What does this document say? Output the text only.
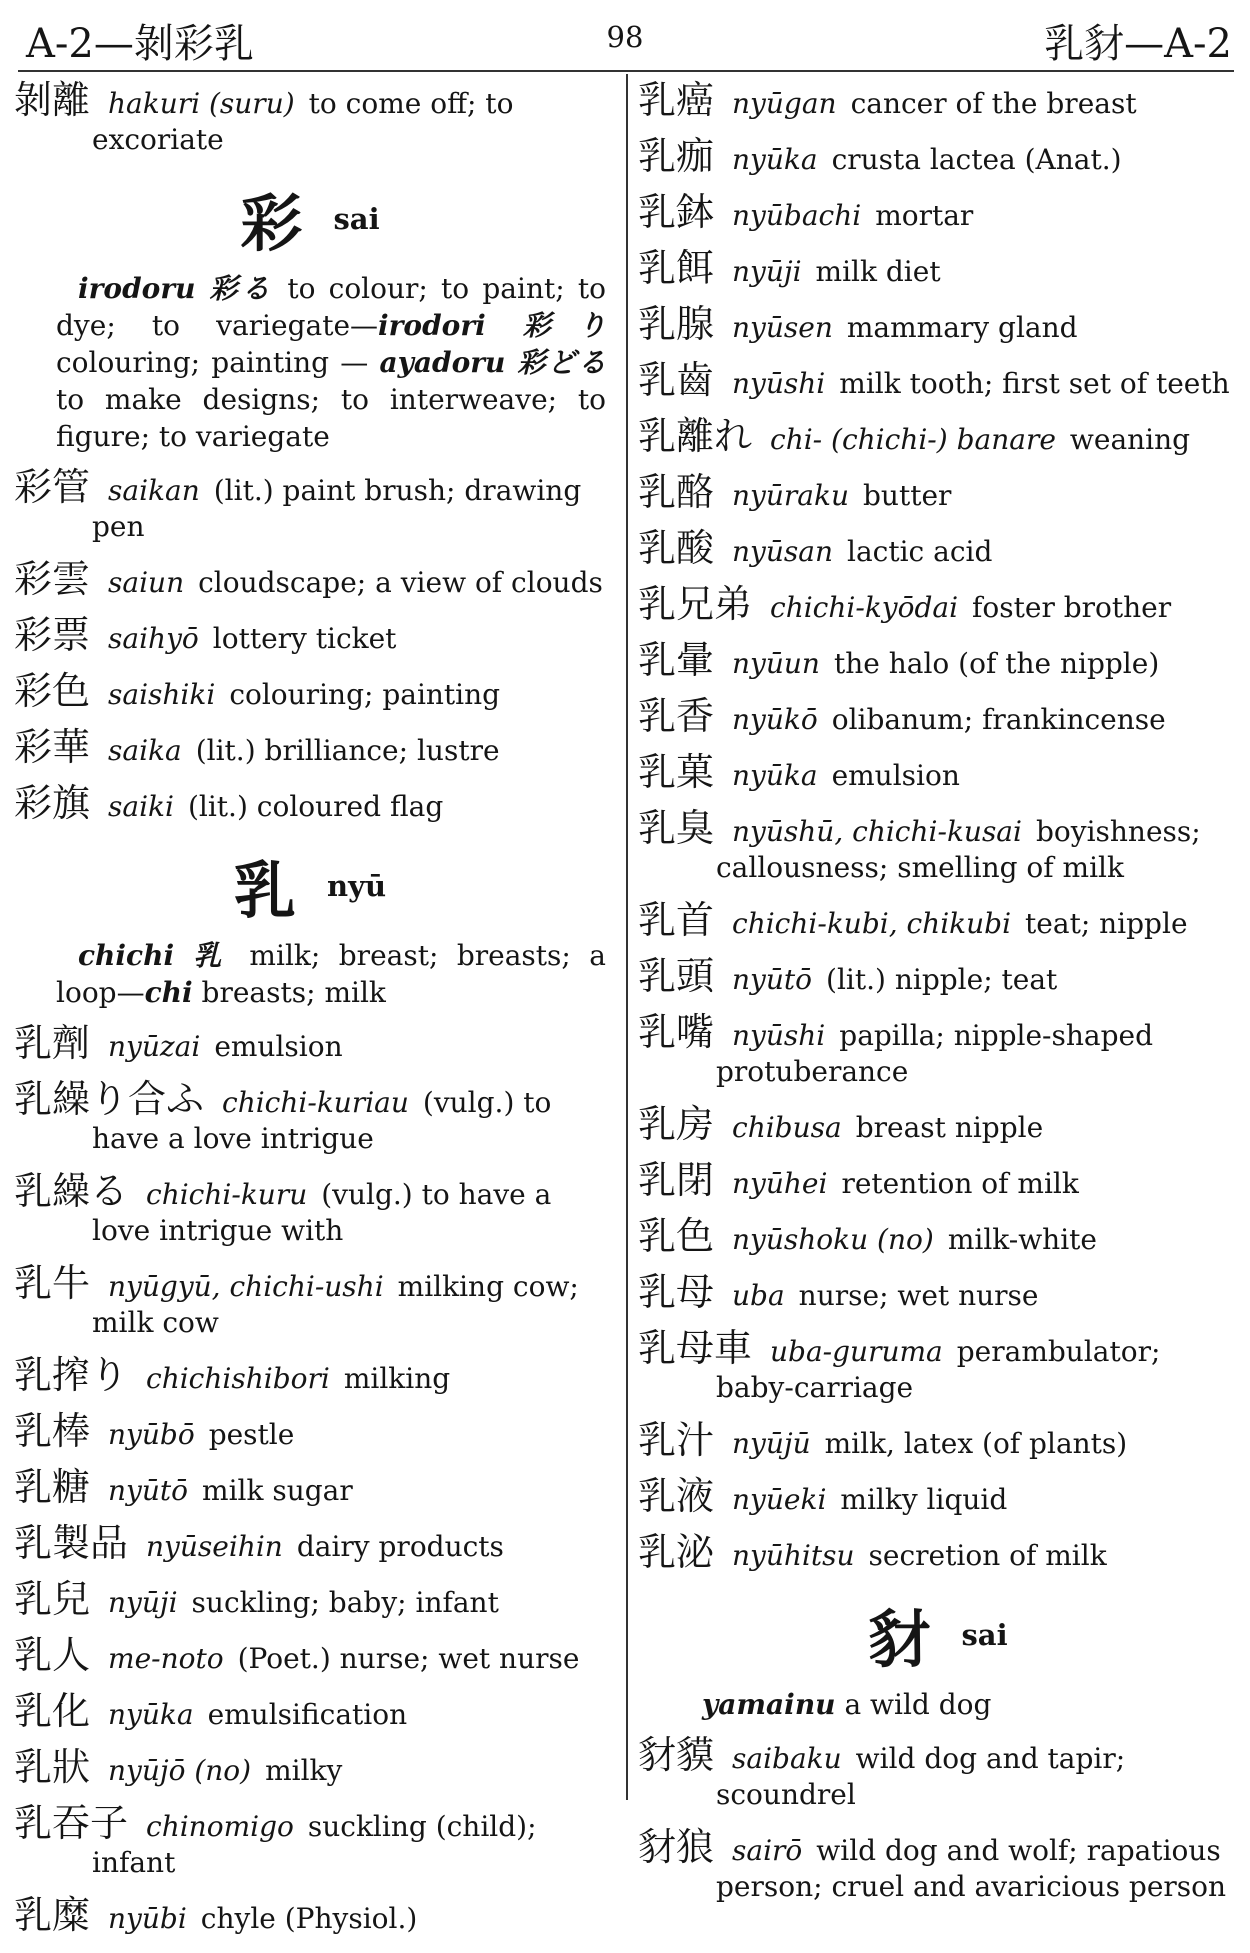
A-2—剝彩乳	98	乳豺—A-2
剝離 hakuri (suru) to come off; to excoriate
彩 sai
irodoru 彩る to colour; to paint; to dye; to variegate—irodori 彩り colouring; painting — ayadoru 彩どる to make designs; to interweave; to figure; to variegate
彩管 saikan (lit.) paint brush; drawing pen
彩雲 saiun cloudscape; a view of clouds
彩票 saihyō lottery ticket
彩色 saishiki colouring; painting
彩華 saika (lit.) brilliance; lustre
彩旗 saiki (lit.) coloured flag
乳 nyū
chichi 乳 milk; breast; breasts; a loop—chi breasts; milk
乳劑 nyūzai emulsion
乳繰り合ふ chichi-kuriau (vulg.) to have a love intrigue
乳繰る chichi-kuru (vulg.) to have a love intrigue with
乳牛 nyūgyū, chichi-ushi milking cow; milk cow
乳搾り chichishibori milking
乳棒 nyūbō pestle
乳糖 nyūtō milk sugar
乳製品 nyūseihin dairy products
乳兒 nyūji suckling; baby; infant
乳人 me-noto (Poet.) nurse; wet nurse
乳化 nyūka emulsification
乳狀 nyūjō (no) milky
乳吞子 chinomigo suckling (child); infant
乳糜 nyūbi chyle (Physiol.)
乳癌 nyūgan cancer of the breast
乳痂 nyūka crusta lactea (Anat.)
乳鉢 nyūbachi mortar
乳餌 nyūji milk diet
乳腺 nyūsen mammary gland
乳齒 nyūshi milk tooth; first set of teeth
乳離れ chi- (chichi-) banare weaning
乳酪 nyūraku butter
乳酸 nyūsan lactic acid
乳兄弟 chichi-kyōdai foster brother
乳暈 nyūun the halo (of the nipple)
乳香 nyūkō olibanum; frankincense
乳菓 nyūka emulsion
乳臭 nyūshū, chichi-kusai boyishness; callousness; smelling of milk
乳首 chichi-kubi, chikubi teat; nipple
乳頭 nyūtō (lit.) nipple; teat
乳嘴 nyūshi papilla; nipple-shaped protuberance
乳房 chibusa breast nipple
乳閉 nyūhei retention of milk
乳色 nyūshoku (no) milk-white
乳母 uba nurse; wet nurse
乳母車 uba-guruma perambulator; baby-carriage
乳汁 nyūjū milk, latex (of plants)
乳液 nyūeki milky liquid
乳泌 nyūhitsu secretion of milk
豺 sai
yamainu a wild dog
豺貘 saibaku wild dog and tapir; scoundrel
豺狼 sairō wild dog and wolf; rapatious person; cruel and avaricious person
